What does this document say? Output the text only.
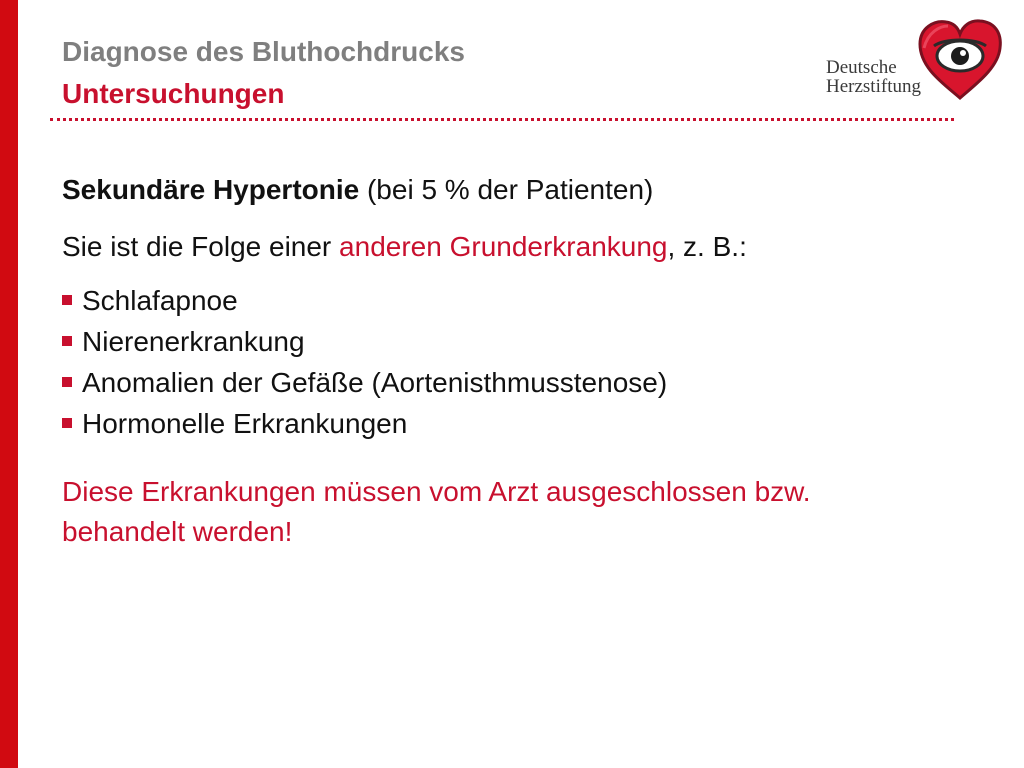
Diagnose des Bluthochdrucks
Untersuchungen
Deutsche
Herzstiftung

Sekundäre Hypertonie (bei 5 % der Patienten)

Sie ist die Folge einer anderen Grunderkrankung, z. B.:

Schlafapnoe
Nierenerkrankung
Anomalien der Gefäße (Aortenisthmusstenose)
Hormonelle Erkrankungen

Diese Erkrankungen müssen vom Arzt ausgeschlossen bzw. behandelt werden!
